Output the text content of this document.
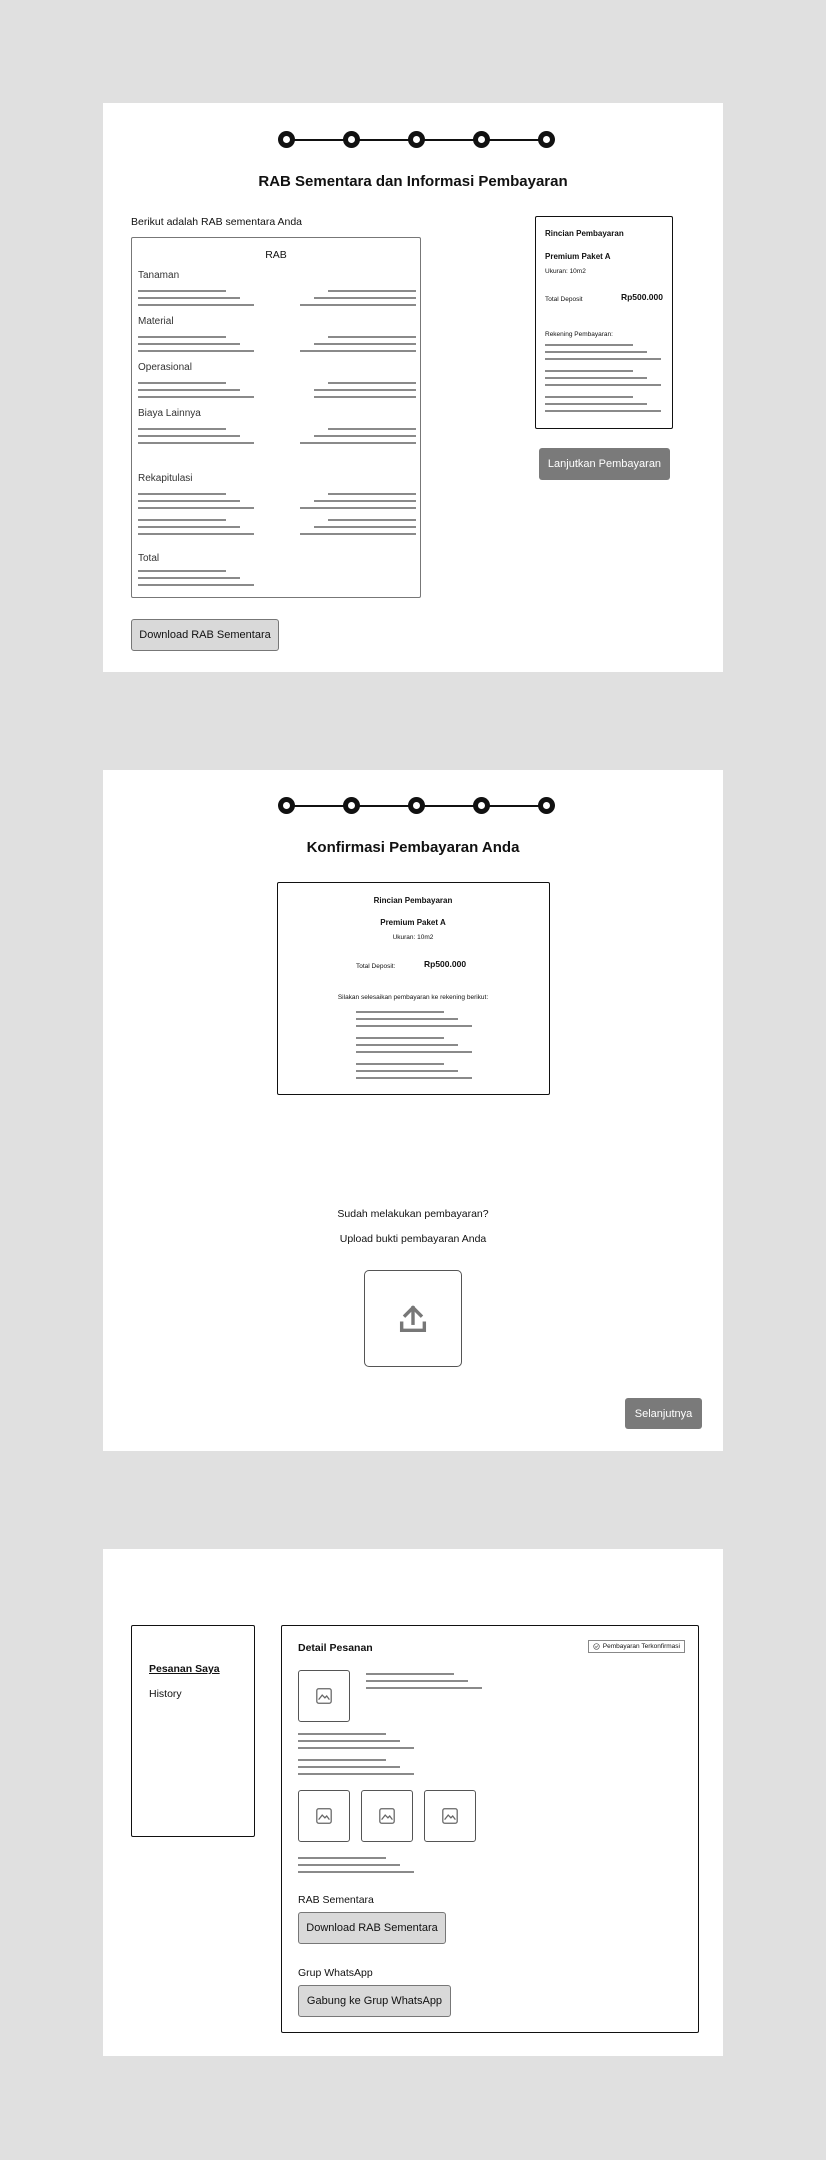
RAB Sementara dan Informasi Pembayaran
Berikut adalah RAB sementara Anda
RAB
Tanaman
Material
Operasional
Biaya Lainnya
Rekapitulasi
Total
Download RAB Sementara
Rincian Pembayaran
Premium Paket A
Ukuran: 10m2
Total Deposit	Rp500.000
Rekening Pembayaran:
Lanjutkan Pembayaran
Konfirmasi Pembayaran Anda
Rincian Pembayaran
Premium Paket A
Ukuran: 10m2
Total Deposit:	Rp500.000
Silakan selesaikan pembayaran ke rekening berikut:
Sudah melakukan pembayaran?
Upload bukti pembayaran Anda
Selanjutnya
Pesanan Saya
History
Detail Pesanan	Pembayaran Terkonfirmasi
RAB Sementara
Download RAB Sementara
Grup WhatsApp
Gabung ke Grup WhatsApp
